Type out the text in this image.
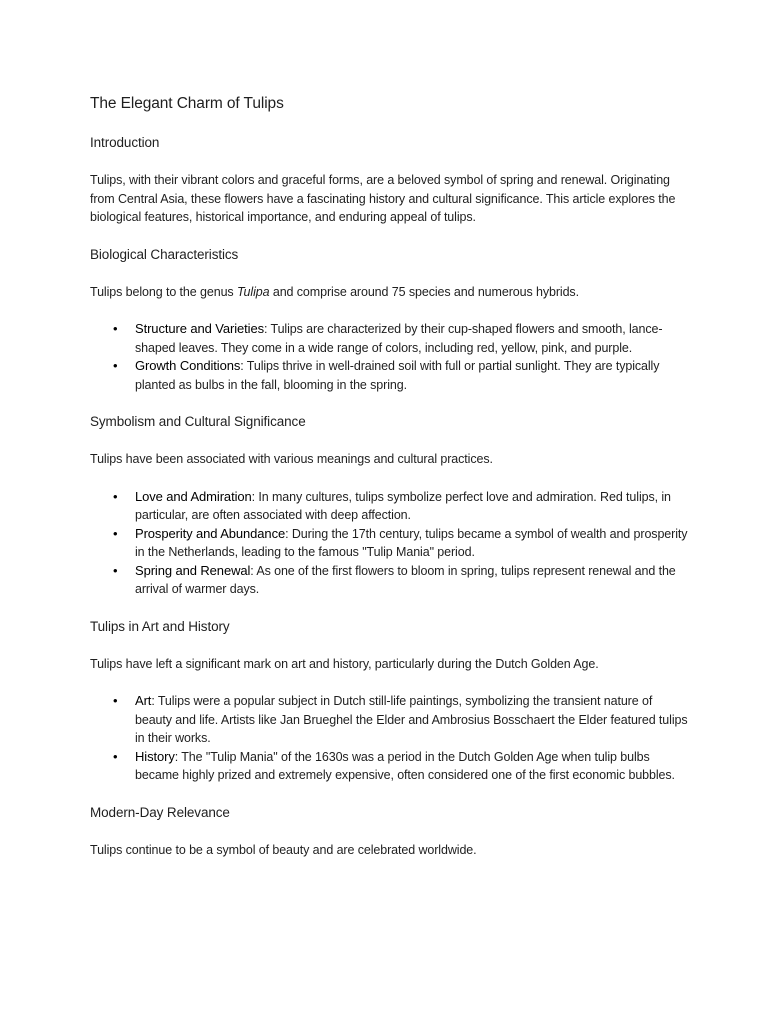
The Elegant Charm of Tulips
Introduction

Tulips, with their vibrant colors and graceful forms, are a beloved symbol of spring and renewal. Originating from Central Asia, these flowers have a fascinating history and cultural significance. This article explores the biological features, historical importance, and enduring appeal of tulips.

Biological Characteristics

Tulips belong to the genus Tulipa and comprise around 75 species and numerous hybrids.

• Structure and Varieties: Tulips are characterized by their cup-shaped flowers and smooth, lance-shaped leaves. They come in a wide range of colors, including red, yellow, pink, and purple.
• Growth Conditions: Tulips thrive in well-drained soil with full or partial sunlight. They are typically planted as bulbs in the fall, blooming in the spring.
Symbolism and Cultural Significance

Tulips have been associated with various meanings and cultural practices.

• Love and Admiration: In many cultures, tulips symbolize perfect love and admiration. Red tulips, in particular, are often associated with deep affection.
• Prosperity and Abundance: During the 17th century, tulips became a symbol of wealth and prosperity in the Netherlands, leading to the famous "Tulip Mania" period.
• Spring and Renewal: As one of the first flowers to bloom in spring, tulips represent renewal and the arrival of warmer days.
Tulips in Art and History

Tulips have left a significant mark on art and history, particularly during the Dutch Golden Age.

• Art: Tulips were a popular subject in Dutch still-life paintings, symbolizing the transient nature of beauty and life. Artists like Jan Brueghel the Elder and Ambrosius Bosschaert the Elder featured tulips in their works.
• History: The "Tulip Mania" of the 1630s was a period in the Dutch Golden Age when tulip bulbs became highly prized and extremely expensive, often considered one of the first economic bubbles.
Modern-Day Relevance

Tulips continue to be a symbol of beauty and are celebrated worldwide.
